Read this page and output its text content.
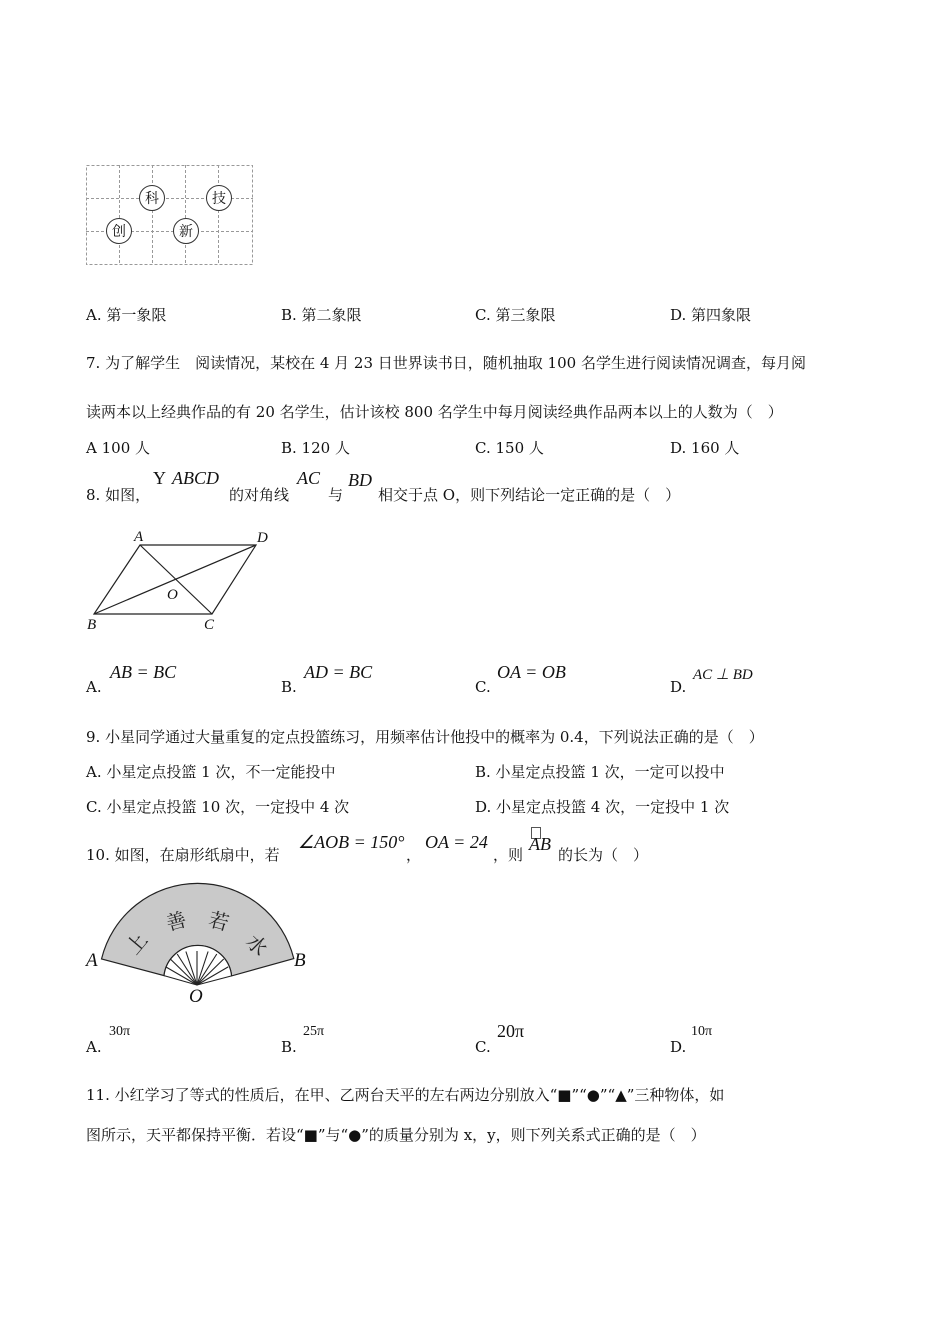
科	技
创	新
A. 第一象限	B. 第二象限	C. 第三象限	D. 第四象限
7. 为了解学生　阅读情况，某校在 4 月 23 日世界读书日，随机抽取 100 名学生进行阅读情况调查，每月阅
读两本以上经典作品的有 20 名学生，估计该校 800 名学生中每月阅读经典作品两本以上的人数为（　）
A 100 人	B. 120 人	C. 150 人	D. 160 人
8. 如图，
Y ABCD
的对角线
AC
与
BD
相交于点 O，则下列结论一定正确的是（　）
A	D
O
B	C
A.
AB = BC
B.
AD = BC
C.
OA = OB
D.
AC ⊥ BD
9. 小星同学通过大量重复的定点投篮练习，用频率估计他投中的概率为 0.4，下列说法正确的是（　）
A. 小星定点投篮 1 次，不一定能投中	B. 小星定点投篮 1 次，一定可以投中
C. 小星定点投篮 10 次，一定投中 4 次	D. 小星定点投篮 4 次，一定投中 1 次
10. 如图，在扇形纸扇中，若
∠AOB = 150°
，
OA = 24
，则
AB
的长为（　）
上
善 若
水
A	B
O
A.
30π
B.
25π
C.
20π
D.
10π
11. 小红学习了等式的性质后，在甲、乙两台天平的左右两边分别放入“■”“●”“▲”三种物体，如
图所示，天平都保持平衡．若设“■”与“●”的质量分别为 x，y，则下列关系式正确的是（　）
